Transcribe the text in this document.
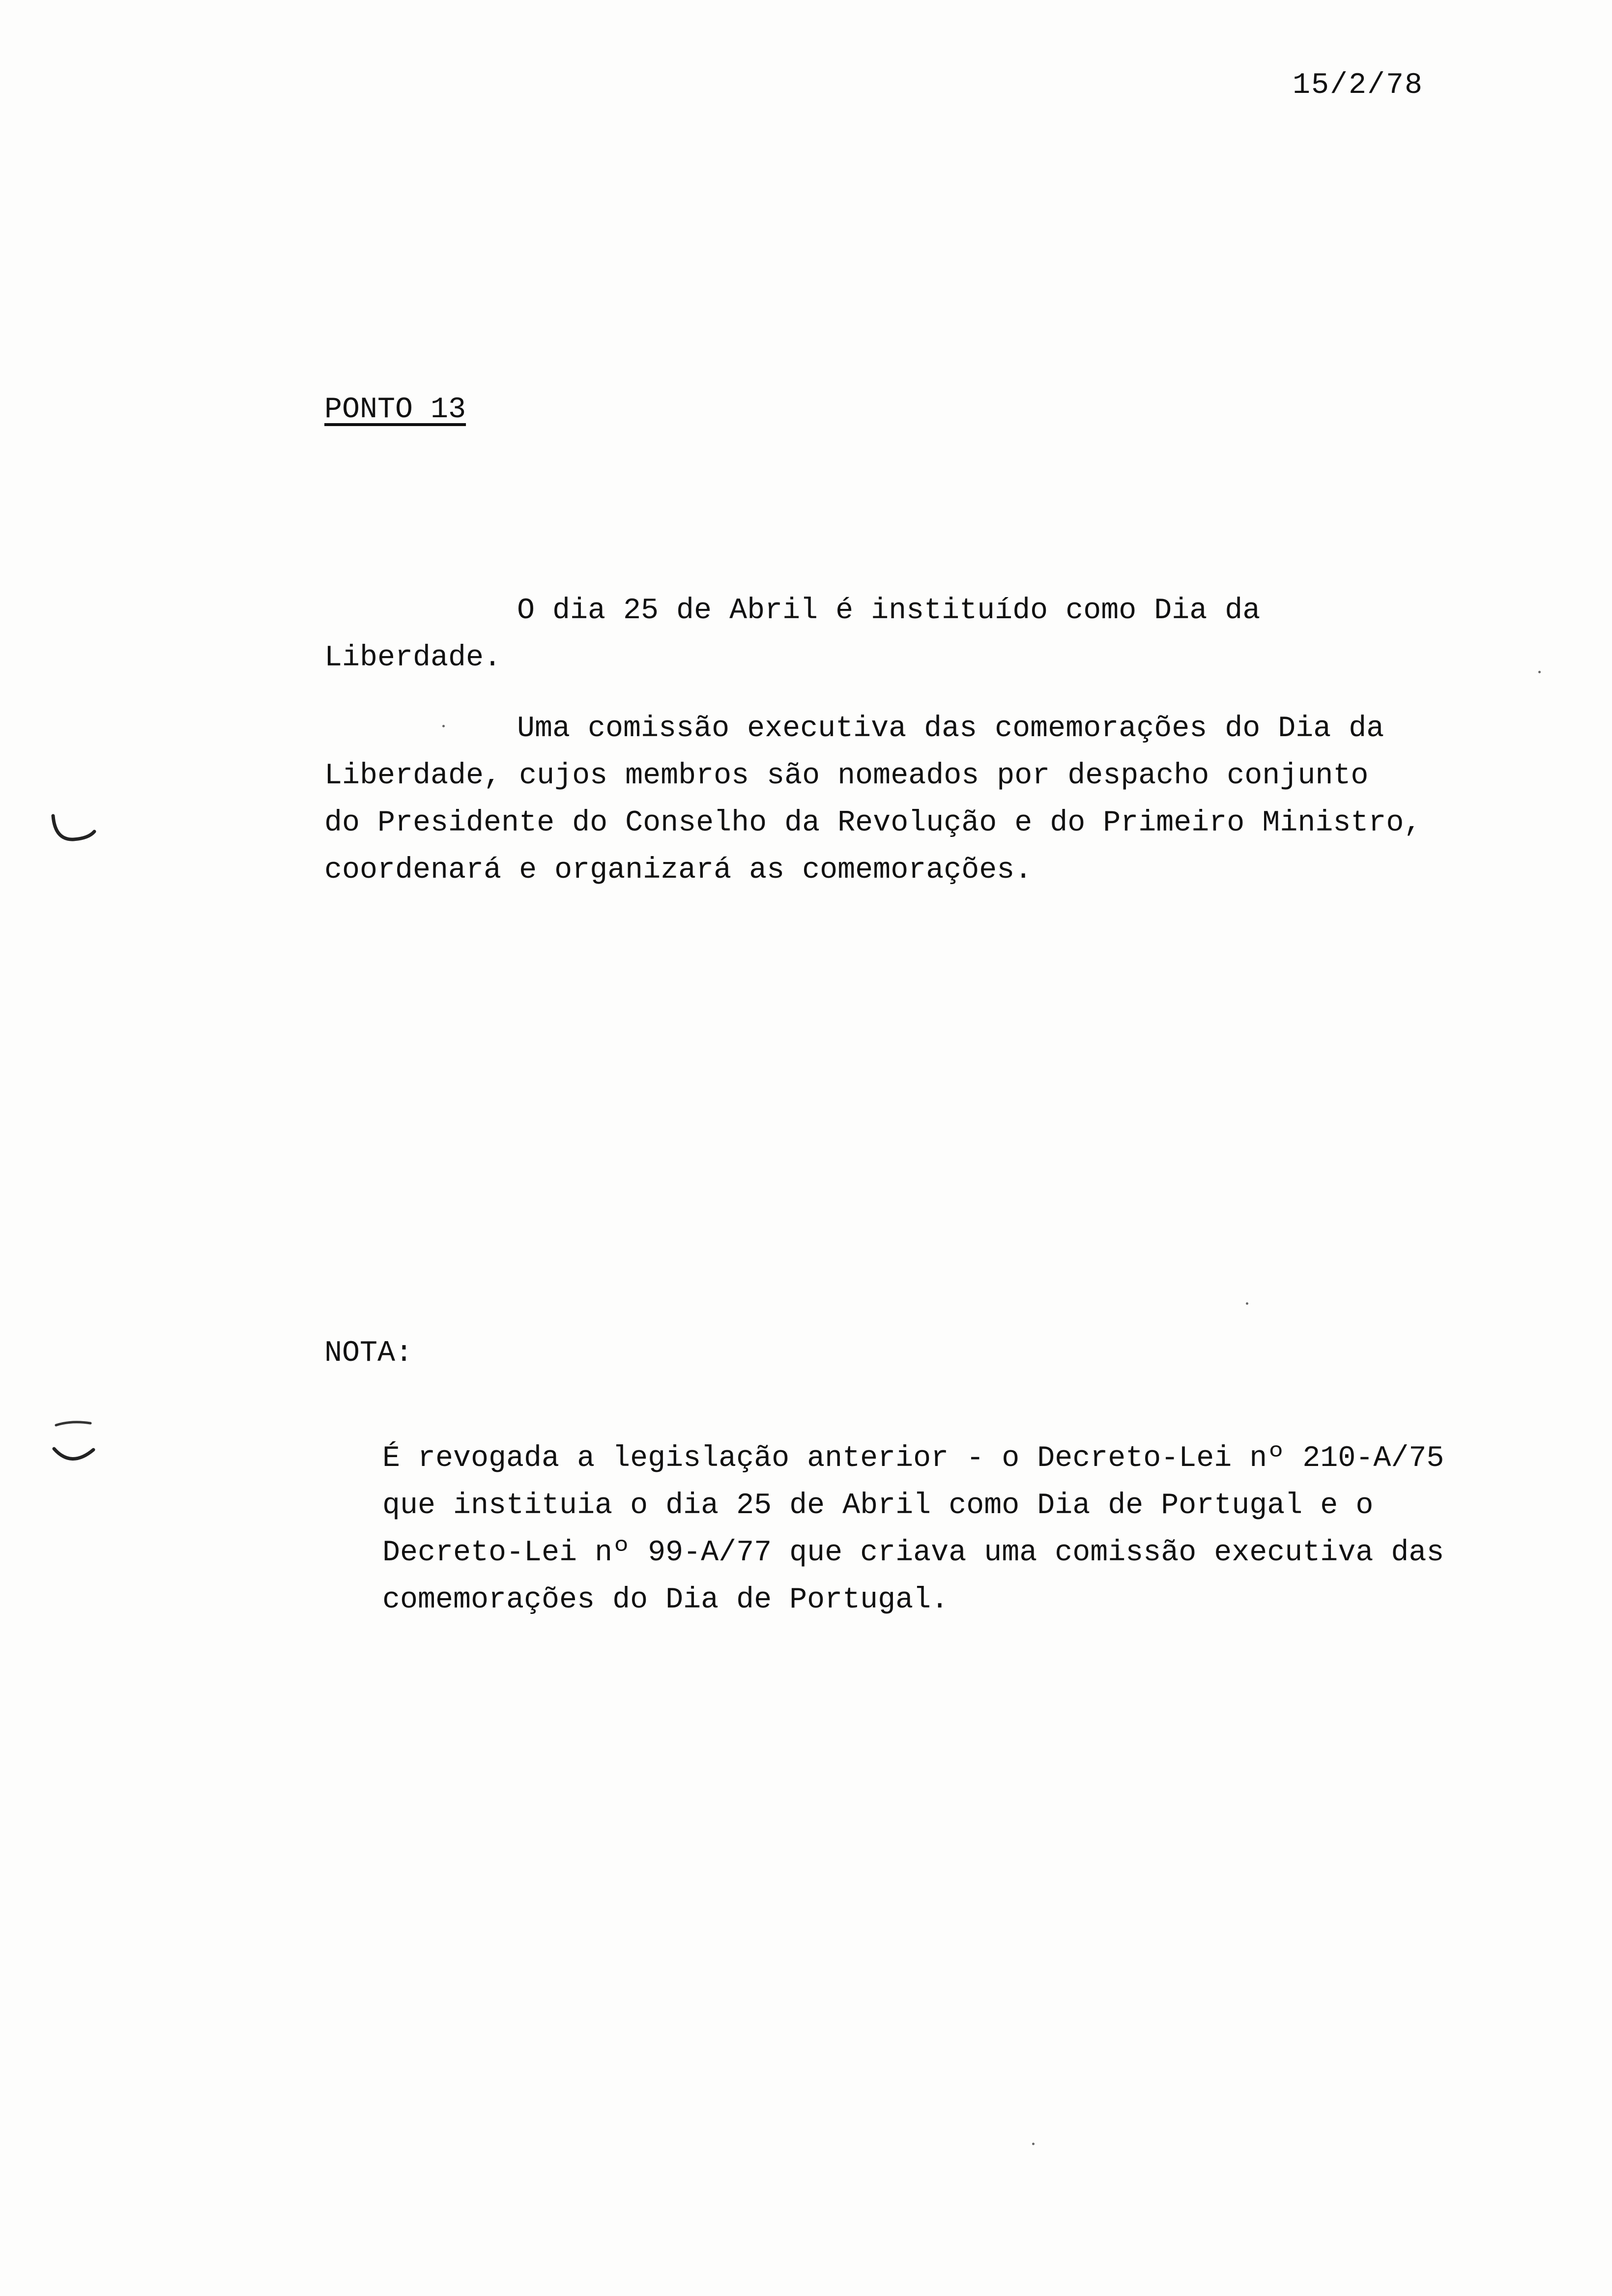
15/2/78
PONTO 13
O dia 25 de Abril é instituído como Dia da
Liberdade.
Uma comissão executiva das comemorações do Dia da
Liberdade, cujos membros são nomeados por despacho conjunto
do Presidente do Conselho da Revolução e do Primeiro Ministro,
coordenará e organizará as comemorações.
NOTA:
É revogada a legislação anterior - o Decreto-Lei nº 210-A/75
que instituia o dia 25 de Abril como Dia de Portugal e o
Decreto-Lei nº 99-A/77 que criava uma comissão executiva das
comemorações do Dia de Portugal.
